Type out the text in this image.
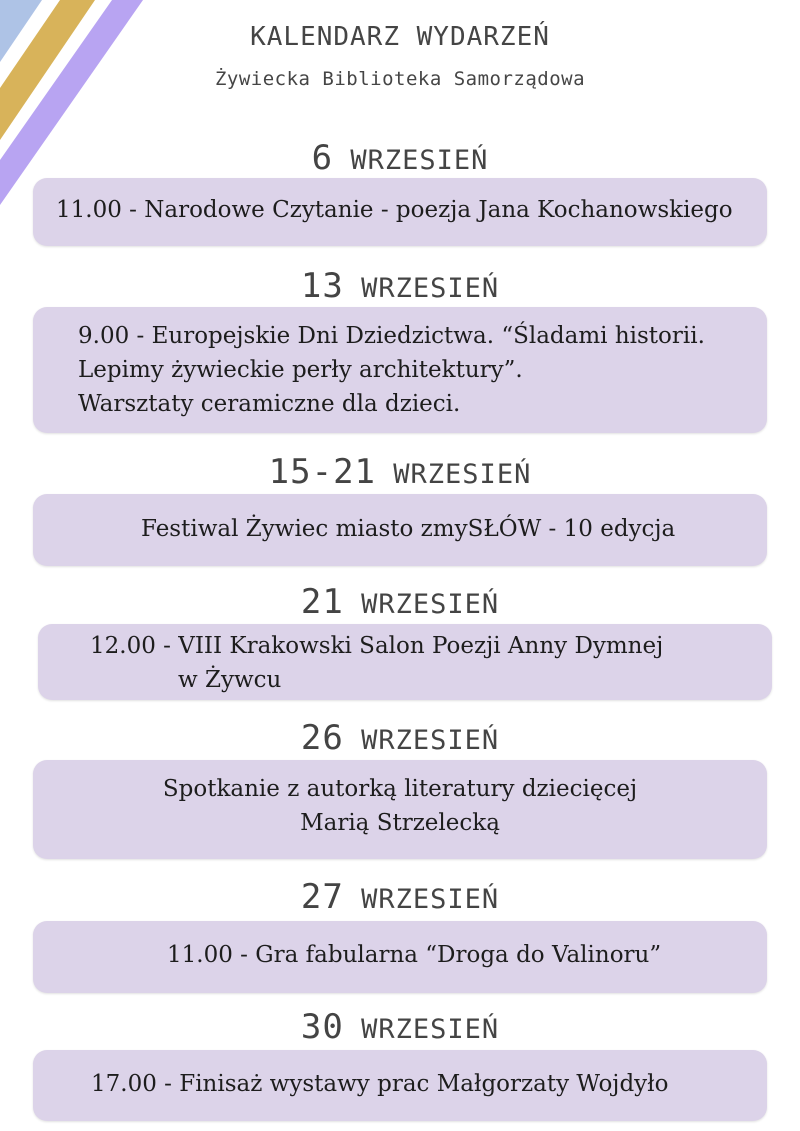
KALENDARZ WYDARZEŃ
Żywiecka Biblioteka Samorządowa
6 WRZESIEŃ
11.00 - Narodowe Czytanie - poezja Jana Kochanowskiego
13 WRZESIEŃ
9.00 - Europejskie Dni Dziedzictwa. “Śladami historii.
Lepimy żywieckie perły architektury”.
Warsztaty ceramiczne dla dzieci.
15-21 WRZESIEŃ
Festiwal Żywiec miasto zmySŁÓW - 10 edycja
21 WRZESIEŃ
12.00 - VIII Krakowski Salon Poezji Anny Dymnej
w Żywcu
26 WRZESIEŃ
Spotkanie z autorką literatury dziecięcej
Marią Strzelecką
27 WRZESIEŃ
11.00 - Gra fabularna “Droga do Valinoru”
30 WRZESIEŃ
17.00 - Finisaż wystawy prac Małgorzaty Wojdyło
